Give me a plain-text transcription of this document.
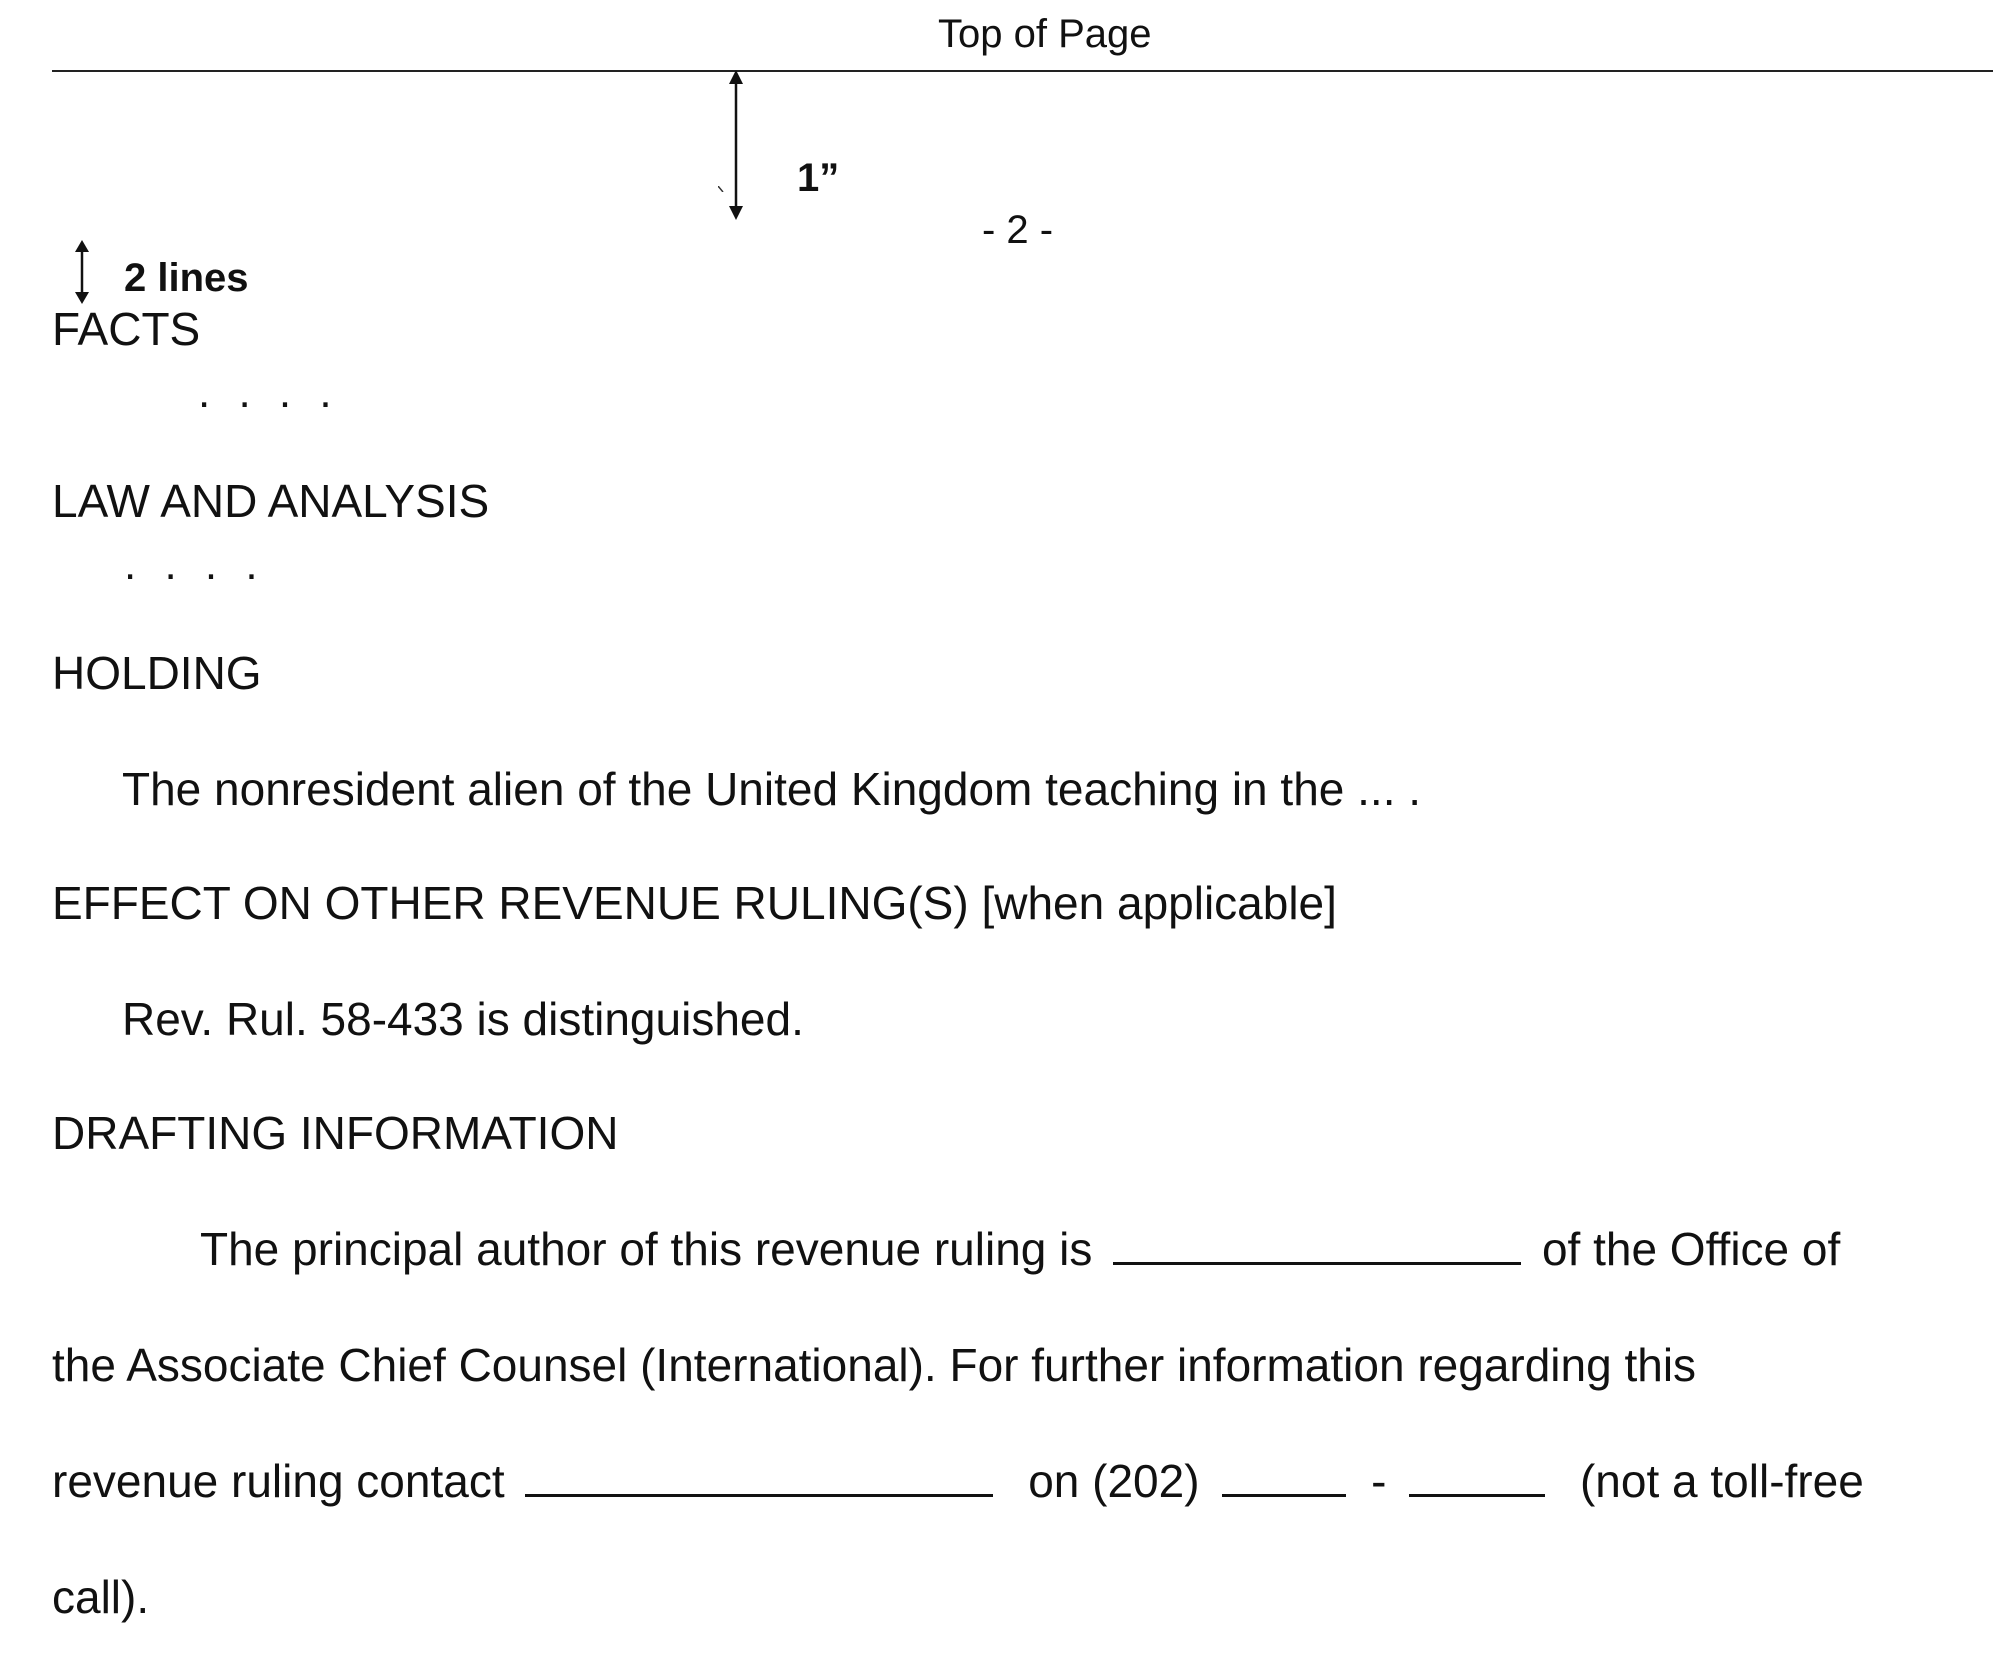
Top of Page
1”
- 2 -
2 lines
FACTS
. . . .
LAW AND ANALYSIS
. . . .
HOLDING
The nonresident alien of the United Kingdom teaching in the ... .
EFFECT ON OTHER REVENUE RULING(S) [when applicable]
Rev. Rul. 58-433 is distinguished.
DRAFTING INFORMATION
The principal author of this revenue ruling is	of the Office of
the Associate Chief Counsel (International). For further information regarding this
revenue ruling contact	on (202)	-	(not a toll-free
call).
